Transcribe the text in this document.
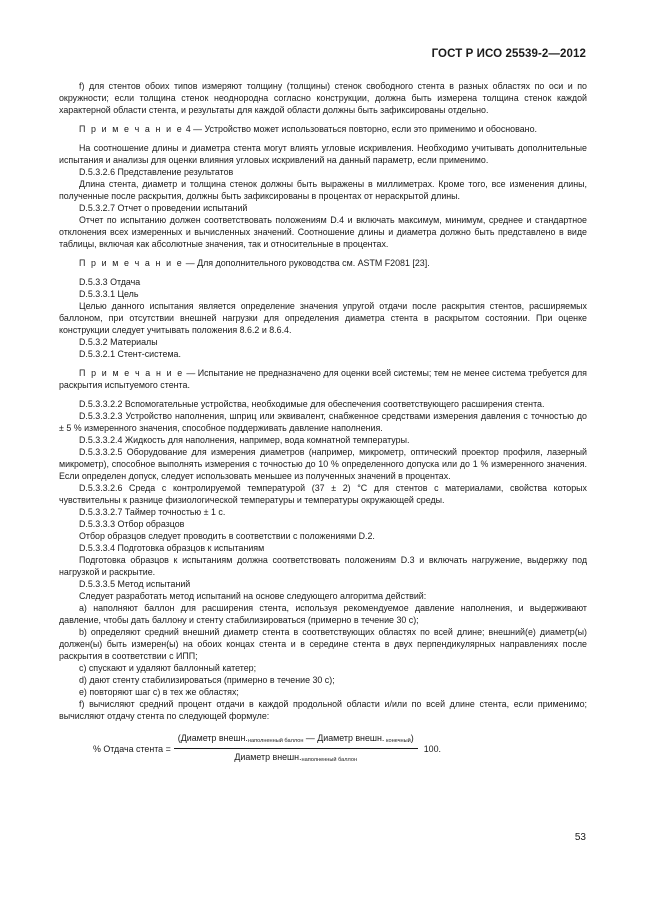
ГОСТ Р ИСО 25539-2—2012

f) для стентов обоих типов измеряют толщину (толщины) стенок свободного стента в разных областях по оси и по окружности; если толщина стенок неоднородна согласно конструкции, должна быть измерена толщина стенок каждой характерной области стента, и результаты для каждой области должны быть зафиксированы отдельно.

П р и м е ч а н и е 4 — Устройство может использоваться повторно, если это применимо и обосновано.

На соотношение длины и диаметра стента могут влиять угловые искривления. Необходимо учитывать дополнительные испытания и анализы для оценки влияния угловых искривлений на данный параметр, если применимо.

D.5.3.2.6 Представление результатов

Длина стента, диаметр и толщина стенок должны быть выражены в миллиметрах. Кроме того, все изменения длины, полученные после раскрытия, должны быть зафиксированы в процентах от нераскрытой длины.

D.5.3.2.7 Отчет о проведении испытаний

Отчет по испытанию должен соответствовать положениям D.4 и включать максимум, минимум, среднее и стандартное отклонения всех измеренных и вычисленных значений. Соотношение длины и диаметра должно быть представлено в виде таблицы, включая как абсолютные значения, так и относительные в процентах.

П р и м е ч а н и е — Для дополнительного руководства см. ASTM F2081 [23].

D.5.3.3 Отдача

D.5.3.3.1 Цель

Целью данного испытания является определение значения упругой отдачи после раскрытия стентов, расширяемых баллоном, при отсутствии внешней нагрузки для определения диаметра стента в раскрытом состоянии. При оценке конструкции следует учитывать положения 8.6.2 и 8.6.4.

D.5.3.2 Материалы

D.5.3.2.1 Стент-система.

П р и м е ч а н и е — Испытание не предназначено для оценки всей системы; тем не менее система требуется для раскрытия испытуемого стента.

D.5.3.3.2.2 Вспомогательные устройства, необходимые для обеспечения соответствующего расширения стента.

D.5.3.3.2.3 Устройство наполнения, шприц или эквивалент, снабженное средствами измерения давления с точностью до ± 5 % измеренного значения, способное поддерживать давление наполнения.

D.5.3.3.2.4 Жидкость для наполнения, например, вода комнатной температуры.

D.5.3.3.2.5 Оборудование для измерения диаметров (например, микрометр, оптический проектор профиля, лазерный микрометр), способное выполнять измерения с точностью до 10 % определенного допуска или до 1 % измеренного значения. Если определен допуск, следует использовать меньшее из полученных значений в процентах.

D.5.3.3.2.6 Среда с контролируемой температурой (37 ± 2) °С для стентов с материалами, свойства которых чувствительны к разнице физиологической температуры и температуры окружающей среды.

D.5.3.3.2.7 Таймер точностью ± 1 с.

D.5.3.3.3 Отбор образцов

Отбор образцов следует проводить в соответствии с положениями D.2.

D.5.3.3.4 Подготовка образцов к испытаниям

Подготовка образцов к испытаниям должна соответствовать положениям D.3 и включать нагружение, выдержку под нагрузкой и раскрытие.

D.5.3.3.5 Метод испытаний

Следует разработать метод испытаний на основе следующего алгоритма действий:

а) наполняют баллон для расширения стента, используя рекомендуемое давление наполнения, и выдерживают давление, чтобы дать баллону и стенту стабилизироваться (примерно в течение 30 с);

b) определяют средний внешний диаметр стента в соответствующих областях по всей длине; внешний(е) диаметр(ы) должен(ы) быть измерен(ы) на обоих концах стента и в середине стента в двух перпендикулярных направлениях после раскрытия в соответствии с ИПП;

с) спускают и удаляют баллонный катетер;

d) дают стенту стабилизироваться (примерно в течение 30 с);

е) повторяют шаг с) в тех же областях;

f) вычисляют средний процент отдачи в каждой продольной области и/или по всей длине стента, если применимо; вычисляют отдачу стента по следующей формуле:

% Отдача стента = $\frac{(Диаметр внешн._{наполненный баллон} — Диаметр внешн. _{конечный})}{Диаметр внешн._{наполненный баллон}} 100$.
53
